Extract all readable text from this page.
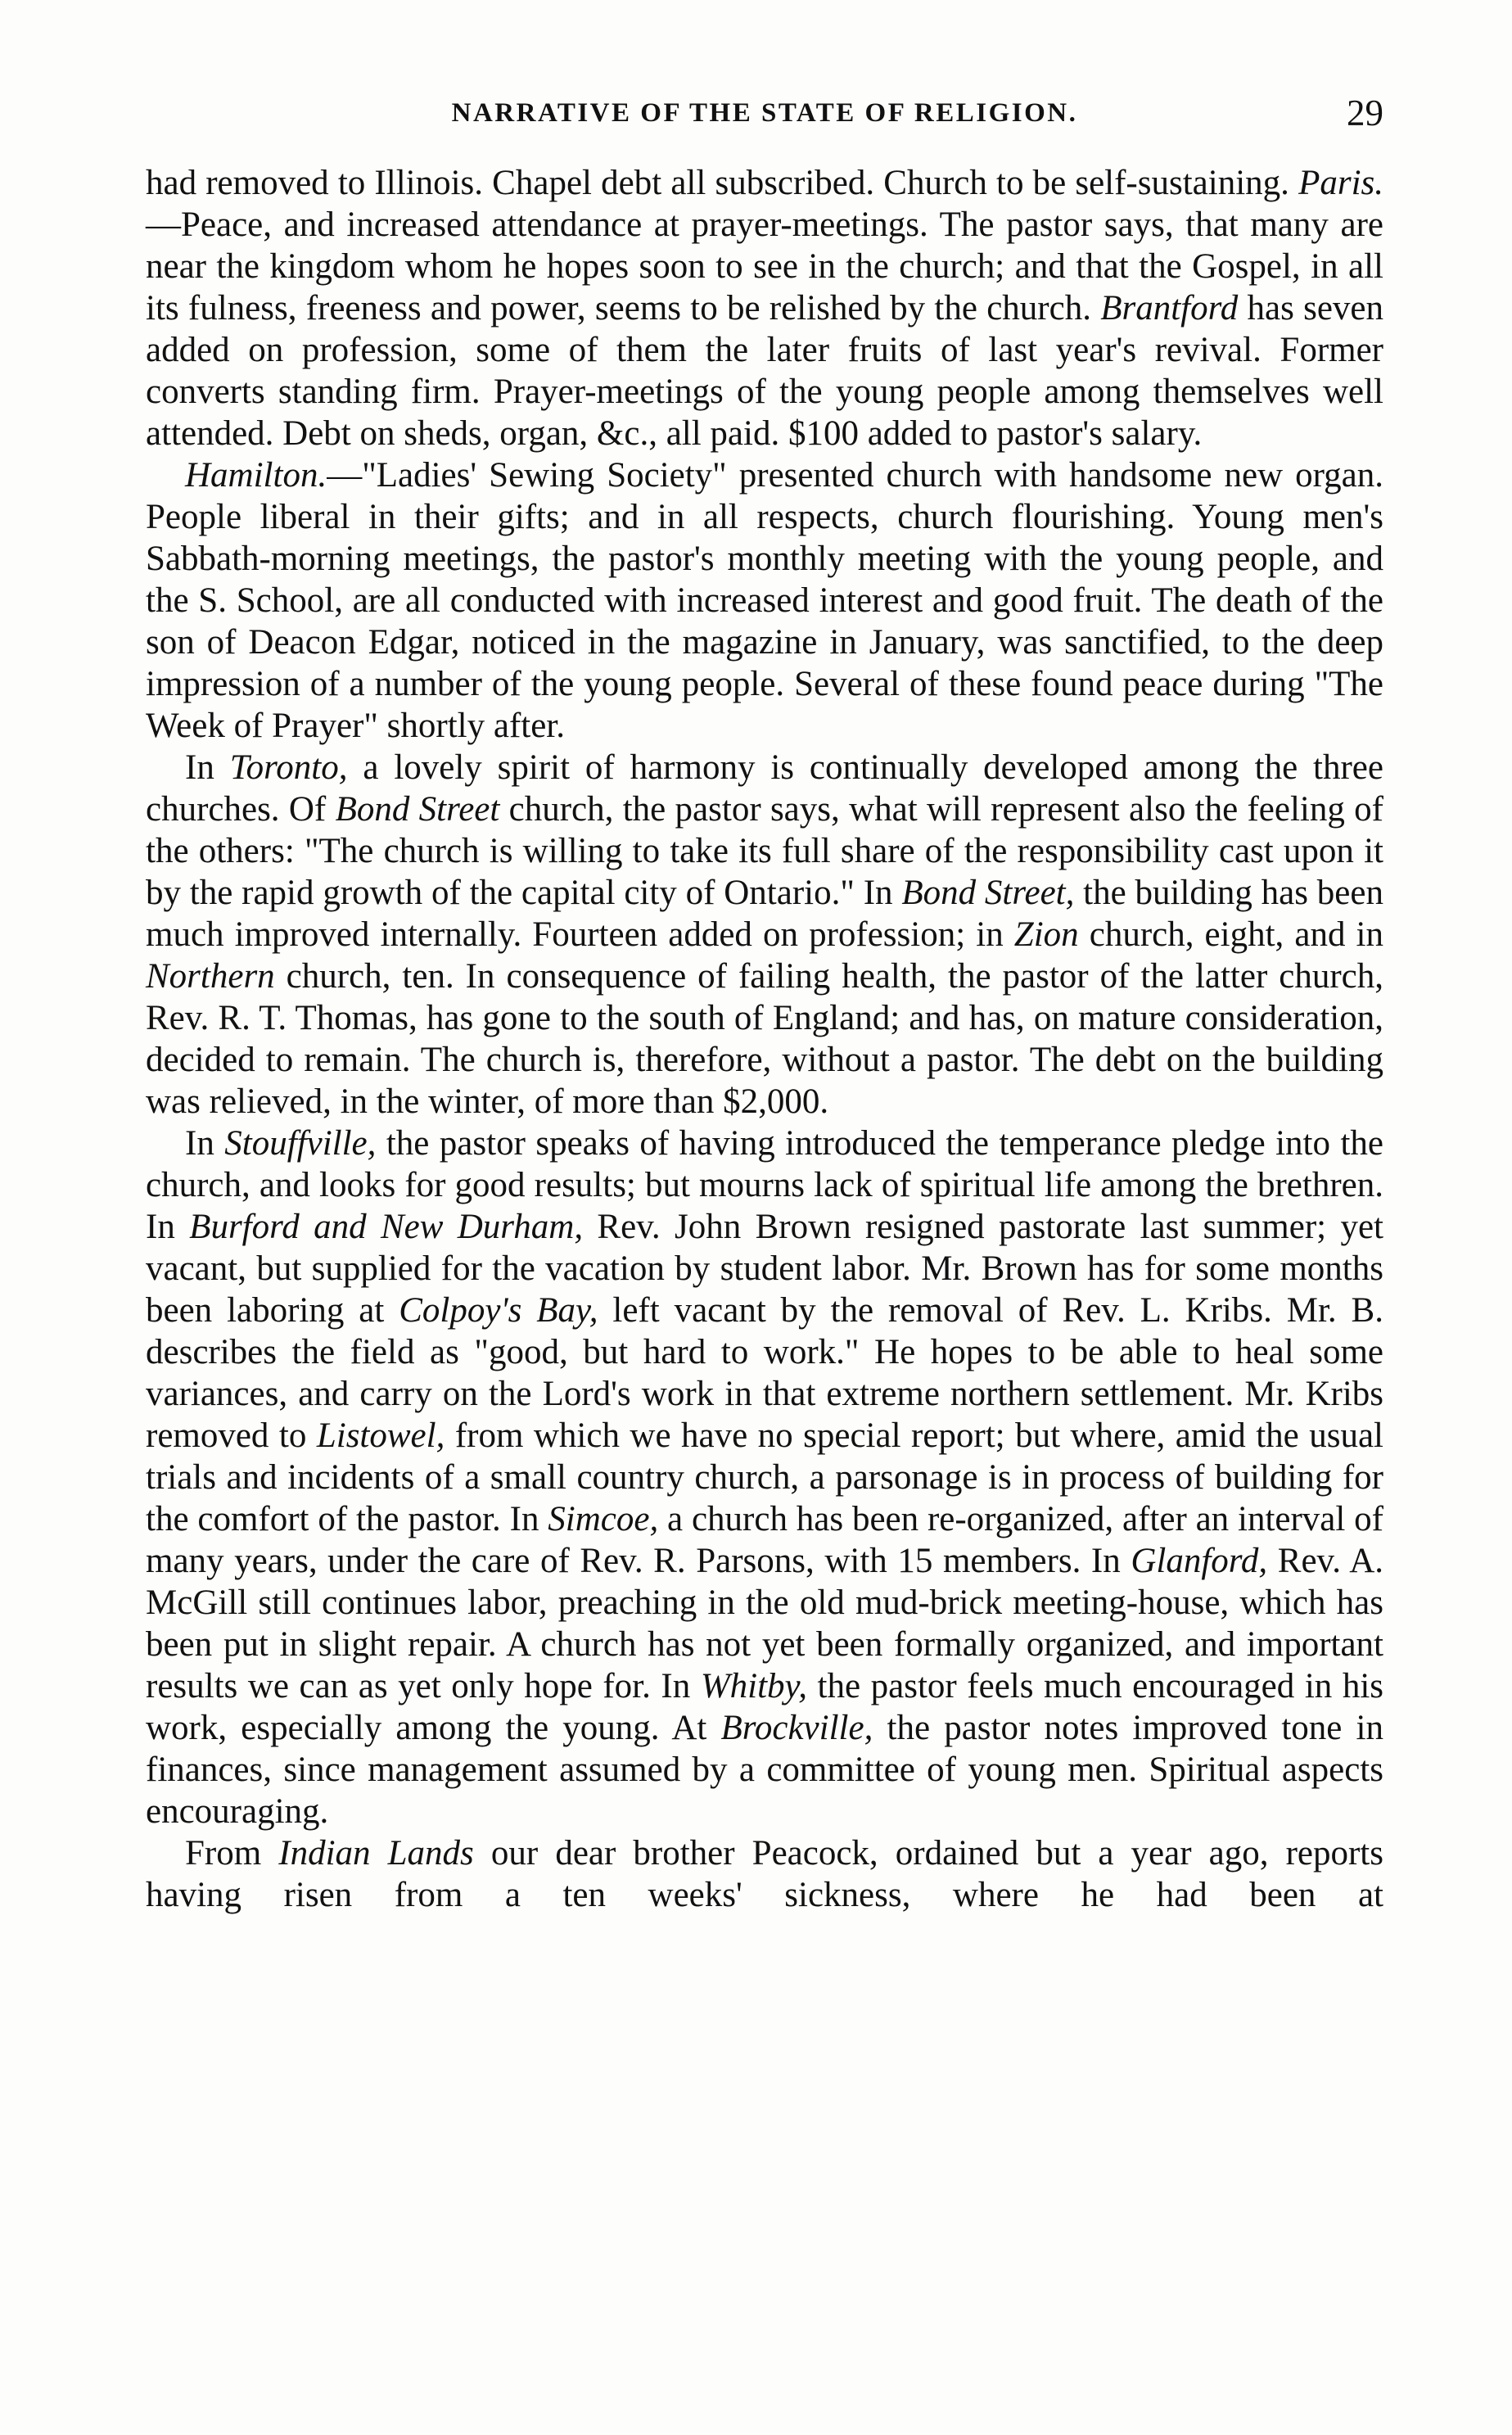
NARRATIVE OF THE STATE OF RELIGION.	29

had removed to Illinois. Chapel debt all subscribed. Church to be self-sustaining. Paris.—Peace, and increased attendance at prayer-meetings. The pastor says, that many are near the kingdom whom he hopes soon to see in the church; and that the Gospel, in all its fulness, freeness and power, seems to be relished by the church. Brantford has seven added on profession, some of them the later fruits of last year's revival. Former converts standing firm. Prayer-meetings of the young people among themselves well attended. Debt on sheds, organ, &c., all paid. $100 added to pastor's salary.

Hamilton.—"Ladies' Sewing Society" presented church with handsome new organ. People liberal in their gifts; and in all respects, church flourishing. Young men's Sabbath-morning meetings, the pastor's monthly meeting with the young people, and the S. School, are all conducted with increased interest and good fruit. The death of the son of Deacon Edgar, noticed in the magazine in January, was sanctified, to the deep impression of a number of the young people. Several of these found peace during "The Week of Prayer" shortly after.

In Toronto, a lovely spirit of harmony is continually developed among the three churches. Of Bond Street church, the pastor says, what will represent also the feeling of the others: "The church is willing to take its full share of the responsibility cast upon it by the rapid growth of the capital city of Ontario." In Bond Street, the building has been much improved internally. Fourteen added on profession; in Zion church, eight, and in Northern church, ten. In consequence of failing health, the pastor of the latter church, Rev. R. T. Thomas, has gone to the south of England; and has, on mature consideration, decided to remain. The church is, therefore, without a pastor. The debt on the building was relieved, in the winter, of more than $2,000.

In Stouffville, the pastor speaks of having introduced the temperance pledge into the church, and looks for good results; but mourns lack of spiritual life among the brethren. In Burford and New Durham, Rev. John Brown resigned pastorate last summer; yet vacant, but supplied for the vacation by student labor. Mr. Brown has for some months been laboring at Colpoy's Bay, left vacant by the removal of Rev. L. Kribs. Mr. B. describes the field as "good, but hard to work." He hopes to be able to heal some variances, and carry on the Lord's work in that extreme northern settlement. Mr. Kribs removed to Listowel, from which we have no special report; but where, amid the usual trials and incidents of a small country church, a parsonage is in process of building for the comfort of the pastor. In Simcoe, a church has been re-organized, after an interval of many years, under the care of Rev. R. Parsons, with 15 members. In Glanford, Rev. A. McGill still continues labor, preaching in the old mud-brick meeting-house, which has been put in slight repair. A church has not yet been formally organized, and important results we can as yet only hope for. In Whitby, the pastor feels much encouraged in his work, especially among the young. At Brockville, the pastor notes improved tone in finances, since management assumed by a committee of young men. Spiritual aspects encouraging.

From Indian Lands our dear brother Peacock, ordained but a year ago, reports having risen from a ten weeks' sickness, where he had been at
